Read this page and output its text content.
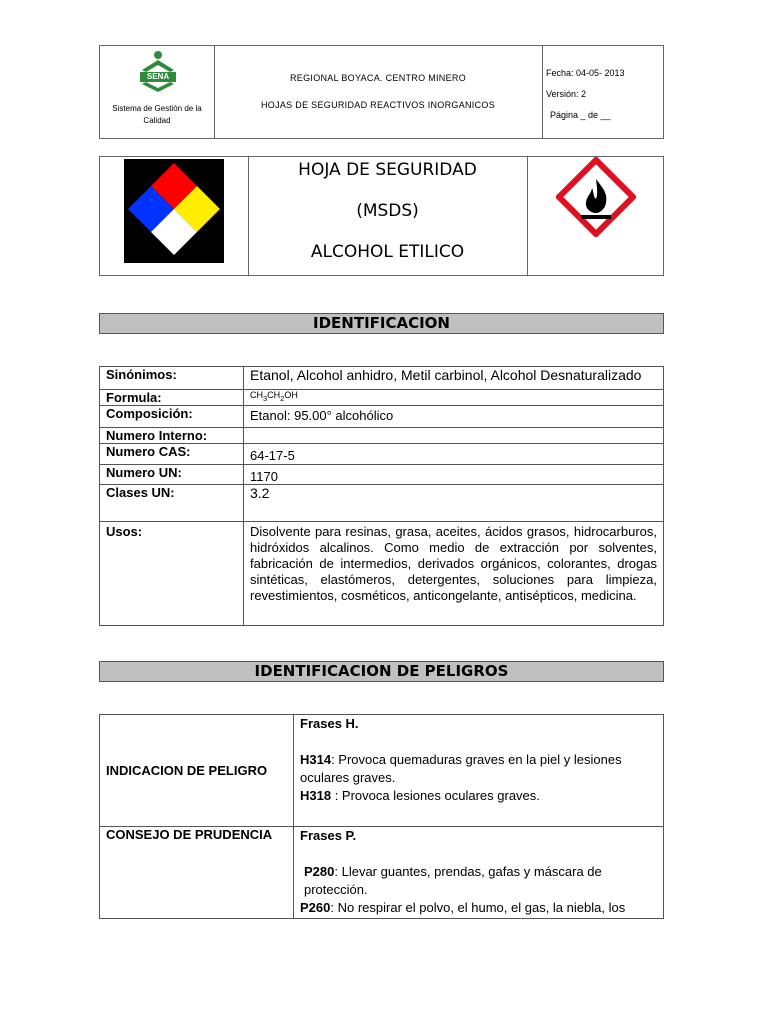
SENA
Sistema de Gestión de la Calidad
REGIONAL BOYACA. CENTRO MINERO
HOJAS DE SEGURIDAD REACTIVOS INORGANICOS
Fecha: 04-05- 2013
Versión: 2
Página _ de __
HOJA DE SEGURIDAD
(MSDS)
ALCOHOL ETILICO
IDENTIFICACION
Sinónimos:	Etanol, Alcohol anhidro, Metil carbinol, Alcohol Desnaturalizado
Formula:	$CH_3CH_2OH$
Composición:	Etanol: 95.00° alcohólico
Numero Interno:	
Numero CAS:	64-17-5
Numero UN:	1170
Clases UN:	3.2
Usos:	Disolvente para resinas, grasa, aceites, ácidos grasos, hidrocarburos, hidróxidos alcalinos. Como medio de extracción por solventes, fabricación de intermedios, derivados orgánicos, colorantes, drogas sintéticas, elastómeros, detergentes, soluciones para limpieza, revestimientos, cosméticos, anticongelante, antisépticos, medicina.
IDENTIFICACION DE PELIGROS
INDICACION DE PELIGRO	Frases H.
H314: Provoca quemaduras graves en la piel y lesiones oculares graves.
H318 : Provoca lesiones oculares graves.

CONSEJO DE PRUDENCIA	Frases P.
P280: Llevar guantes, prendas, gafas y máscara de protección.
P260: No respirar el polvo, el humo, el gas, la niebla, los
